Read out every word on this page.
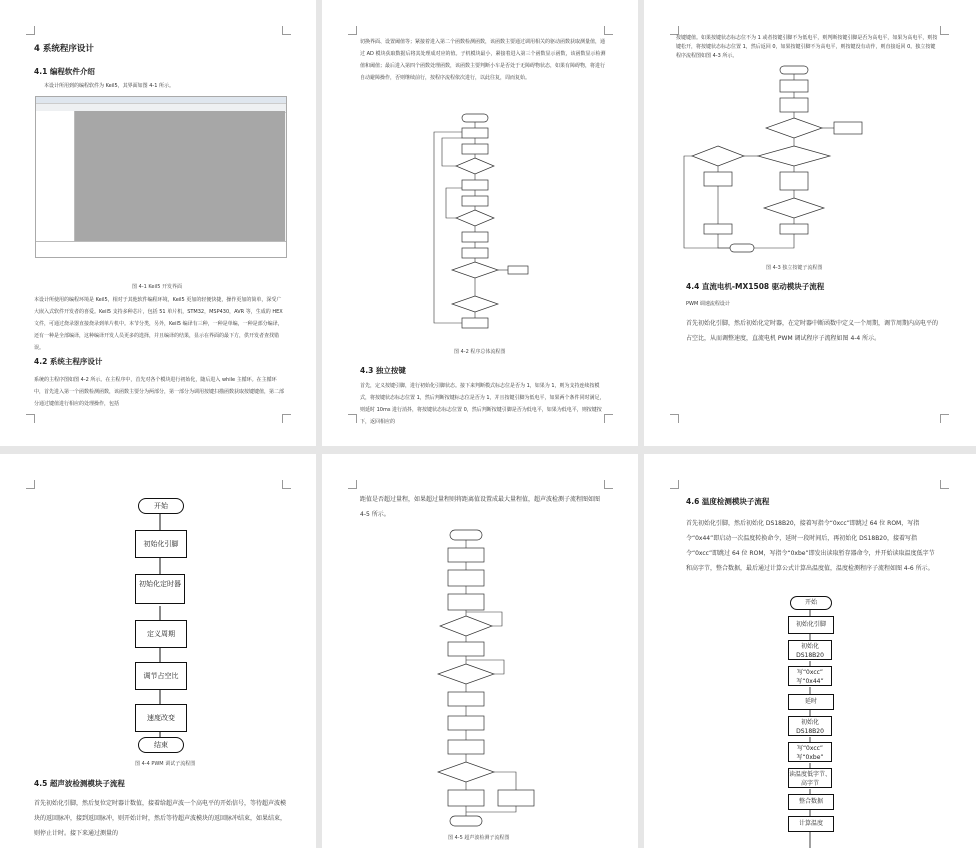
4 系统程序设计
4.1 编程软件介绍
本设计所用到的编程软件为 Keil5，其界面如图 4-1 所示。
图 4-1 Keil5 开发界面
本设计所使用的编程环境是 Keil5，相对于其他软件编程环境，Keil5 更加的轻便快捷，操作更加的简单，深受广大嵌入式软件开发者的喜爱。Keil5 支持多种芯片，包括 51 单片机，STM32，MSP430，AVR 等，生成的 HEX 文件，可通过烧录器直接烧录到单片机中。本节分类，另外，Keil5 编译有三种，一种是单编，一种是部分编译，还有一种是全部编译，这种编译开发人员更多的选择，并且编译的结果，显示在界面的最下方，供开发者查找错误。
4.2 系统主程序设计
系统的主程序图如图 4-2 所示。在主程序中，首先对各个模块进行初始化，随后进入 while 主循环。在主循环中，首先进入第一个函数检测函数，该函数主要分为两部分，第一部分为调用按键扫描函数获取按键键值，第二部分通过键值进行相应的处理操作，包括
切换界面、设置阈值等；紧接着进入第二个函数检测函数，该函数主要通过调用相关的驱动函数获取测量值，通过 AD 模块获取数据后将其处理成对应的值。子机模块最小，紧接着进入第三个函数显示函数，该函数显示检测值和阈值；最后进入第四个函数处理函数，该函数主要判断小车是否处于无障碍物状态，如果有障碍物，将进行自动避障操作，否则继续前行，按程序流程依次进行，以此往复，周而复始。
图 4-2 程序总体流程图
4.3 独立按键
首先，定义按键引脚，进行初始化引脚状态。接下来判断模式标志位是否为 1，如果为 1，则为支持连续按模式，将按键状态标志位置 1，然后判断按键标志位是否为 1，并且按键引脚为低电平，如果两个条件同时满足，则延时 10ms 进行消抖，将按键状态标志位置 0，然后判断按键引脚是否为低电平，如果为低电平，则按键按下，返回相应的
按键键值。如果按键状态标志位不为 1 或者按键引脚不为低电平，则判断按键引脚是否为高电平，如果为高电平，则按键松开，将按键状态标志位置 1，然后返回 0，如果按键引脚不为高电平，则按键没有动作，则直接返回 0。独立按键程序流程图如图 4-3 所示。
图 4-3 独立按键子流程图
4.4 直流电机-MX1508 驱动模块子流程
PWM 调速流程设计
首先初始化引脚，然后初始化定时器，在定时器中断函数中定义一个周期，调节周期内高电平的占空比，从而调整速度，直流电机 PWM 调试程序子流程如图 4-4 所示。
开始
初始化引脚
初始化定时器
定义周期
调节占空比
速度改变
结束
图 4-4 PWM 调试子流程图
4.5 超声波检测模块子流程
首先初始化引脚，然后复位定时器计数值，接着给超声波一个高电平的开始信号，等待超声波模块的返回脉冲，接到返回脉冲，则开始计时，然后等待超声波模块的返回脉冲结束，如果结束，则停止计时。接下来通过测量的
距值是否超过量程，如果超过量程则将距离值设置成最大量程值，超声波检测子流程图如图 4-5 所示。
图 4-5 超声波检测子流程图
4.6 温度检测模块子流程
首先初始化引脚，然后初始化 DS18B20，接着写指令“0xcc”即跳过 64 位 ROM，写指令“0x44”即启动一次温度转换命令，延时一段时间后，再初始化 DS18B20，接着写指令“0xcc”即跳过 64 位 ROM，写指令“0xbe”即发出读取暂存器命令，并开始读取温度低字节和高字节，整合数据，最后通过计算公式计算出温度值，温度检测程序子流程如图 4-6 所示。
开始
初始化引脚
初始化 DS18B20
写“0xcc” 写“0x44”
延时
初始化 DS18B20
写“0xcc” 写“0xbe”
读温度低字节、高字节
整合数据
计算温度
